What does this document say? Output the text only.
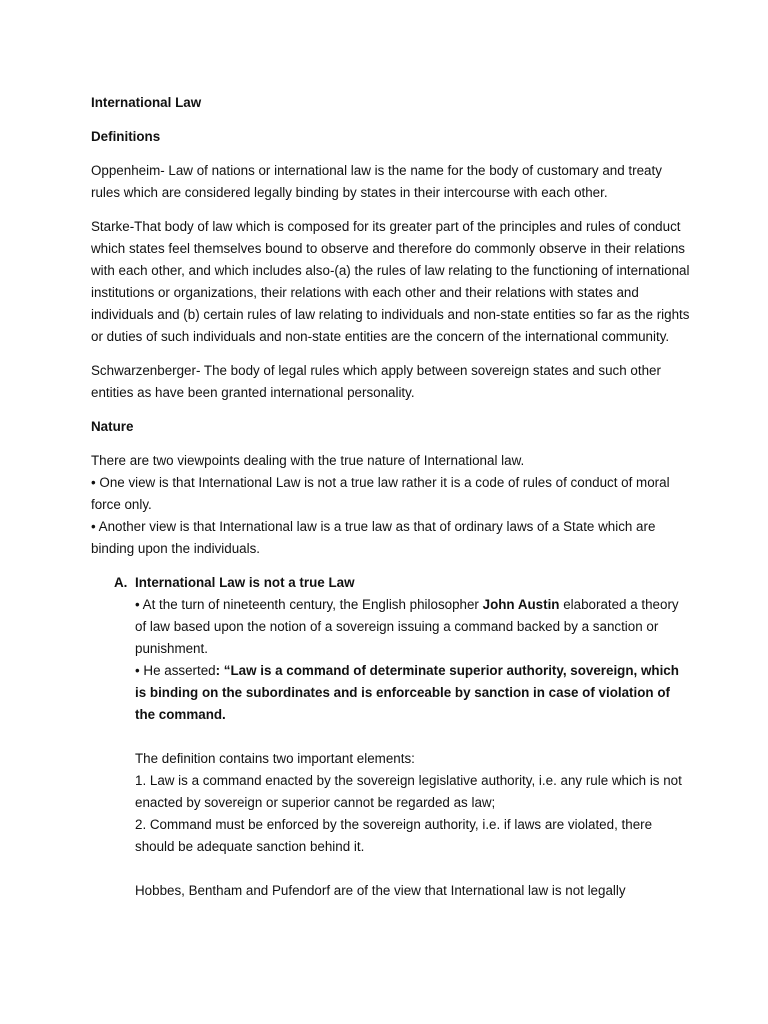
International Law

Definitions

Oppenheim- Law of nations or international law is the name for the body of customary and treaty rules which are considered legally binding by states in their intercourse with each other.

Starke-That body of law which is composed for its greater part of the principles and rules of conduct which states feel themselves bound to observe and therefore do commonly observe in their relations with each other, and which includes also-(a) the rules of law relating to the functioning of international institutions or organizations, their relations with each other and their relations with states and individuals and (b) certain rules of law relating to individuals and non-state entities so far as the rights or duties of such individuals and non-state entities are the concern of the international community.

Schwarzenberger- The body of legal rules which apply between sovereign states and such other entities as have been granted international personality.

Nature

There are two viewpoints dealing with the true nature of International law.

• One view is that International Law is not a true law rather it is a code of rules of conduct of moral force only.

• Another view is that International law is a true law as that of ordinary laws of a State which are binding upon the individuals.

A. International Law is not a true Law

• At the turn of nineteenth century, the English philosopher John Austin elaborated a theory of law based upon the notion of a sovereign issuing a command backed by a sanction or punishment.

• He asserted: “Law is a command of determinate superior authority, sovereign, which is binding on the subordinates and is enforceable by sanction in case of violation of the command.

The definition contains two important elements:

1. Law is a command enacted by the sovereign legislative authority, i.e. any rule which is not enacted by sovereign or superior cannot be regarded as law;

2. Command must be enforced by the sovereign authority, i.e. if laws are violated, there should be adequate sanction behind it.

Hobbes, Bentham and Pufendorf are of the view that International law is not legally
